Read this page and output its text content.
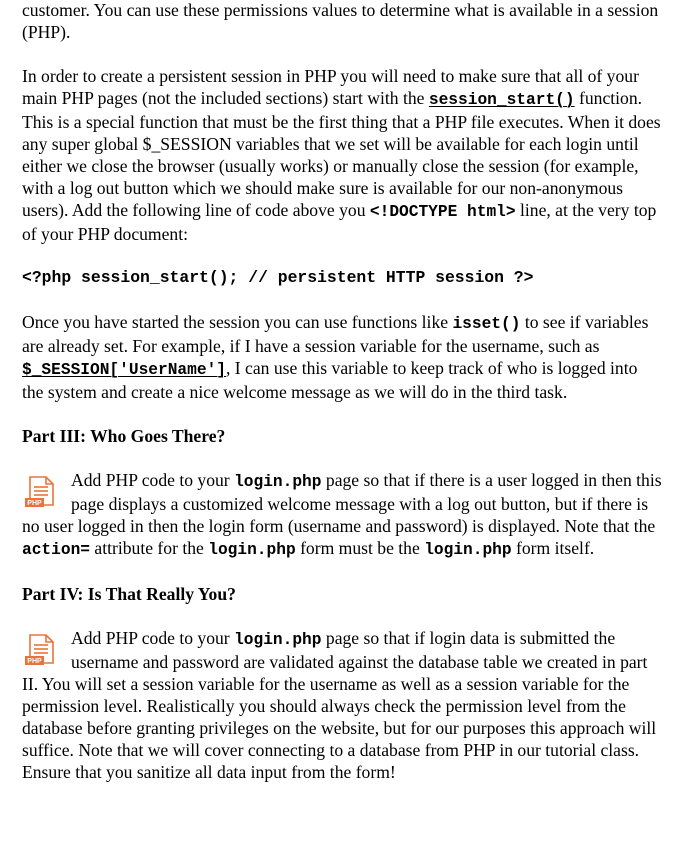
customer. You can use these permissions values to determine what is available in a session (PHP).

In order to create a persistent session in PHP you will need to make sure that all of your main PHP pages (not the included sections) start with the session_start() function. This is a special function that must be the first thing that a PHP file executes. When it does any super global $_SESSION variables that we set will be available for each login until either we close the browser (usually works) or manually close the session (for example, with a log out button which we should make sure is available for our non-anonymous users). Add the following line of code above you <!DOCTYPE html> line, at the very top of your PHP document:

<?php session_start(); // persistent HTTP session ?>

Once you have started the session you can use functions like isset() to see if variables are already set. For example, if I have a session variable for the username, such as $_SESSION['UserName'], I can use this variable to keep track of who is logged into the system and create a nice welcome message as we will do in the third task.

Part III: Who Goes There?
PHP

Add PHP code to your login.php page so that if there is a user logged in then this page displays a customized welcome message with a log out button, but if there is no user logged in then the login form (username and password) is displayed. Note that the action= attribute for the login.php form must be the login.php form itself.

Part IV: Is That Really You?
PHP

Add PHP code to your login.php page so that if login data is submitted the username and password are validated against the database table we created in part II. You will set a session variable for the username as well as a session variable for the permission level. Realistically you should always check the permission level from the database before granting privileges on the website, but for our purposes this approach will suffice. Note that we will cover connecting to a database from PHP in our tutorial class. Ensure that you sanitize all data input from the form!
